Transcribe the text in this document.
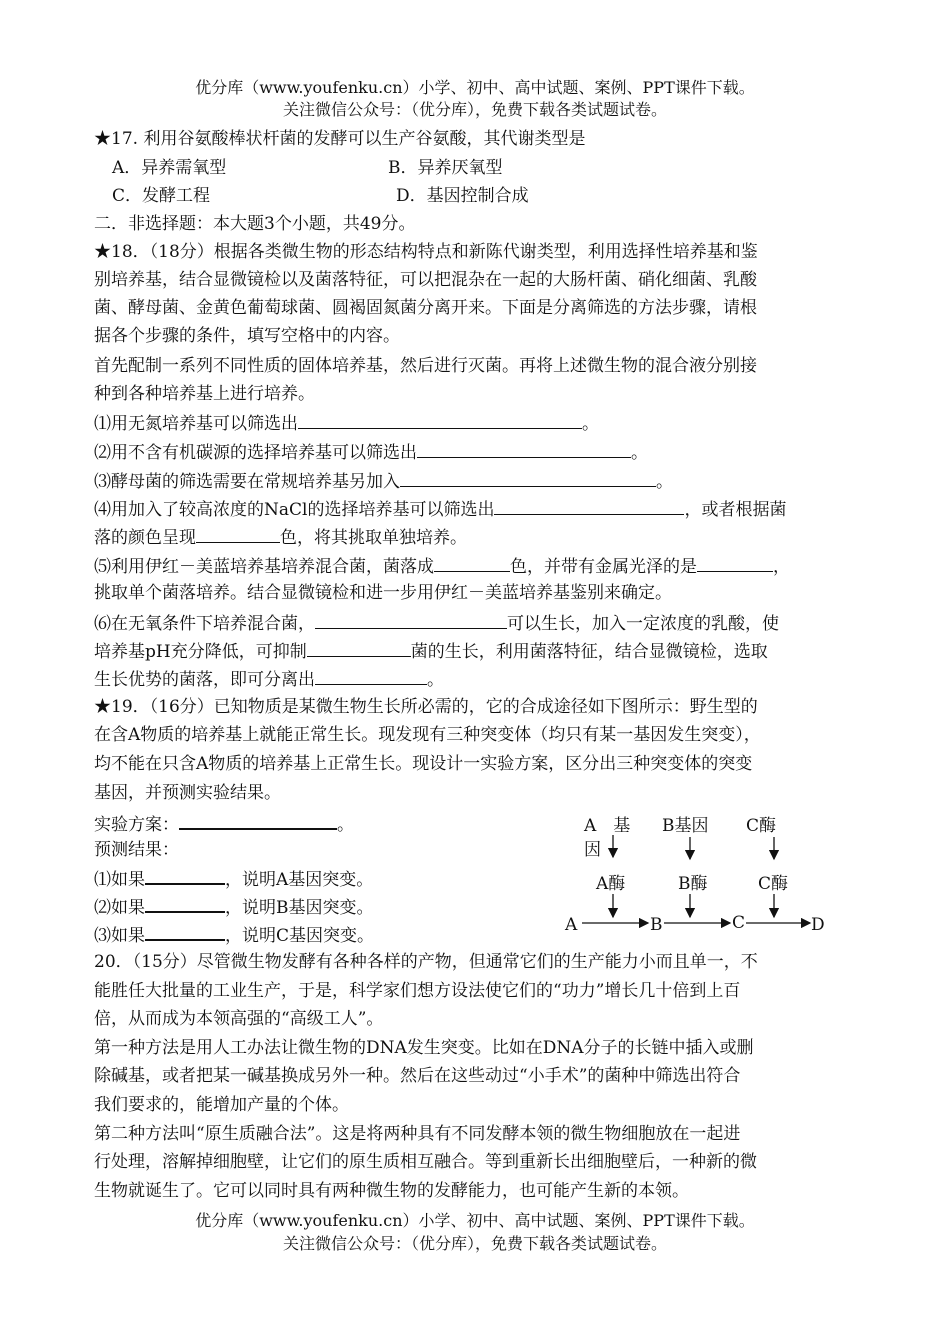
优分库（www.youfenku.cn）小学、初中、高中试题、案例、PPT课件下载。
关注微信公众号：（优分库），免费下载各类试题试卷。
★17. 利用谷氨酸棒状杆菌的发酵可以生产谷氨酸，其代谢类型是
A．异养需氧型	B．异养厌氧型
C．发酵工程	D．基因控制合成
二．非选择题：本大题3个小题，共49分。
★18．（18分）根据各类微生物的形态结构特点和新陈代谢类型，利用选择性培养基和鉴
别培养基，结合显微镜检以及菌落特征，可以把混杂在一起的大肠杆菌、硝化细菌、乳酸
菌、酵母菌、金黄色葡萄球菌、圆褐固氮菌分离开来。下面是分离筛选的方法步骤，请根
据各个步骤的条件，填写空格中的内容。
首先配制一系列不同性质的固体培养基，然后进行灭菌。再将上述微生物的混合液分别接
种到各种培养基上进行培养。
⑴用无氮培养基可以筛选出	。
⑵用不含有机碳源的选择培养基可以筛选出	。
⑶酵母菌的筛选需要在常规培养基另加入	。
⑷用加入了较高浓度的NaCl的选择培养基可以筛选出	，或者根据菌
落的颜色呈现	色，将其挑取单独培养。
⑸利用伊红－美蓝培养基培养混合菌，菌落成	色，并带有金属光泽的是	，
挑取单个菌落培养。结合显微镜检和进一步用伊红－美蓝培养基鉴别来确定。
⑹在无氧条件下培养混合菌，	可以生长，加入一定浓度的乳酸，使
培养基pH充分降低，可抑制	菌的生长，利用菌落特征，结合显微镜检，选取
生长优势的菌落，即可分离出	。
★19．（16分）已知物质是某微生物生长所必需的，它的合成途径如下图所示：野生型的
在含A物质的培养基上就能正常生长。现发现有三种突变体（均只有某一基因发生突变），
均不能在只含A物质的培养基上正常生长。现设计一实验方案，区分出三种突变体的突变
基因，并预测实验结果。
实验方案：	。
预测结果：
⑴如果	，说明A基因突变。
⑵如果	，说明B基因突变。
⑶如果	，说明C基因突变。
A　基
因
B基因 C酶
A酶	B酶	C酶
A	B	C	D
20．（15分）尽管微生物发酵有各种各样的产物，但通常它们的生产能力小而且单一，不
能胜任大批量的工业生产，于是，科学家们想方设法使它们的“功力”增长几十倍到上百
倍，从而成为本领高强的“高级工人”。
第一种方法是用人工办法让微生物的DNA发生突变。比如在DNA分子的长链中插入或删
除碱基，或者把某一碱基换成另外一种。然后在这些动过“小手术”的菌种中筛选出符合
我们要求的，能增加产量的个体。
第二种方法叫“原生质融合法”。这是将两种具有不同发酵本领的微生物细胞放在一起进
行处理，溶解掉细胞壁，让它们的原生质相互融合。等到重新长出细胞壁后，一种新的微
生物就诞生了。它可以同时具有两种微生物的发酵能力，也可能产生新的本领。
优分库（www.youfenku.cn）小学、初中、高中试题、案例、PPT课件下载。
关注微信公众号：（优分库），免费下载各类试题试卷。
